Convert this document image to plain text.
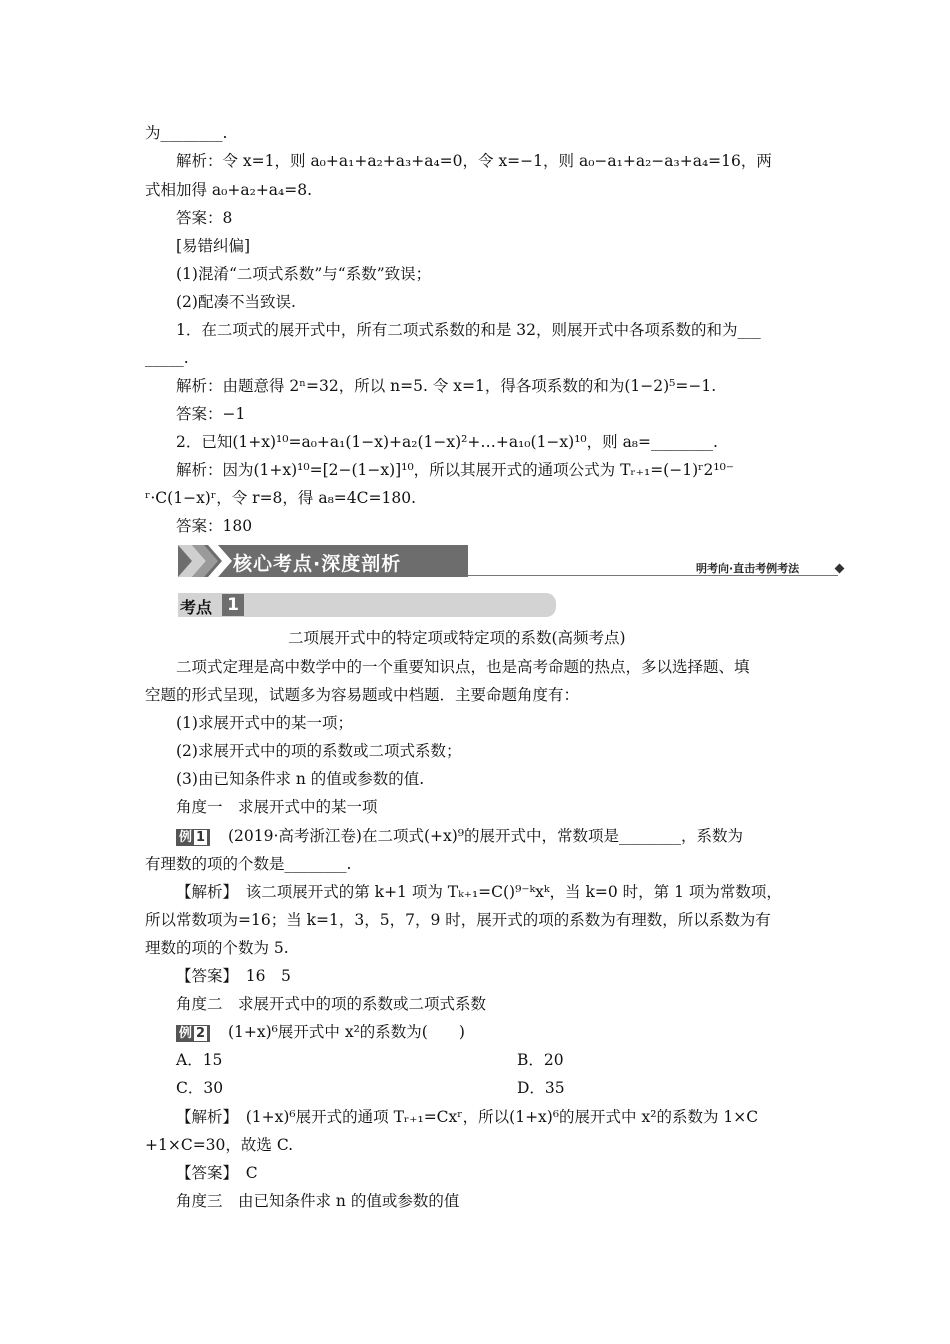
为________.
解析：令 x=1，则 a₀+a₁+a₂+a₃+a₄=0，令 x=−1，则 a₀−a₁+a₂−a₃+a₄=16，两
式相加得 a₀+a₂+a₄=8.
答案：8
[易错纠偏]
(1)混淆“二项式系数”与“系数”致误；
(2)配凑不当致误.
1．在二项式的展开式中，所有二项式系数的和是 32，则展开式中各项系数的和为___
_____.
解析：由题意得 2ⁿ=32，所以 n=5. 令 x=1，得各项系数的和为(1−2)⁵=−1.
答案：−1
2．已知(1+x)¹⁰=a₀+a₁(1−x)+a₂(1−x)²+…+a₁₀(1−x)¹⁰，则 a₈=________.
解析：因为(1+x)¹⁰=[2−(1−x)]¹⁰，所以其展开式的通项公式为 Tᵣ₊₁=(−1)ʳ2¹⁰⁻
ʳ·C(1−x)ʳ，令 r=8，得 a₈=4C=180.
答案：180
核心考点·深度剖析	明考向·直击考例考法
考点 1
二项展开式中的特定项或特定项的系数(高频考点)
二项式定理是高中数学中的一个重要知识点，也是高考命题的热点，多以选择题、填
空题的形式呈现，试题多为容易题或中档题．主要命题角度有：
(1)求展开式中的某一项；
(2)求展开式中的项的系数或二项式系数；
(3)由已知条件求 n 的值或参数的值.
角度一　求展开式中的某一项
例 1	(2019·高考浙江卷)在二项式(+x)⁹的展开式中，常数项是________，系数为
有理数的项的个数是________.
【解析】　该二项展开式的第 k+1 项为 Tₖ₊₁=C()⁹⁻ᵏxᵏ，当 k=0 时，第 1 项为常数项，
所以常数项为=16；当 k=1，3，5，7，9 时，展开式的项的系数为有理数，所以系数为有
理数的项的个数为 5.
【答案】　16　5
角度二　求展开式中的项的系数或二项式系数
例 2	(1+x)⁶展开式中 x²的系数为(　　)
A．15	B．20
C．30	D．35
【解析】　(1+x)⁶展开式的通项 Tᵣ₊₁=Cxʳ，所以(1+x)⁶的展开式中 x²的系数为 1×C
+1×C=30，故选 C.
【答案】　C
角度三　由已知条件求 n 的值或参数的值
